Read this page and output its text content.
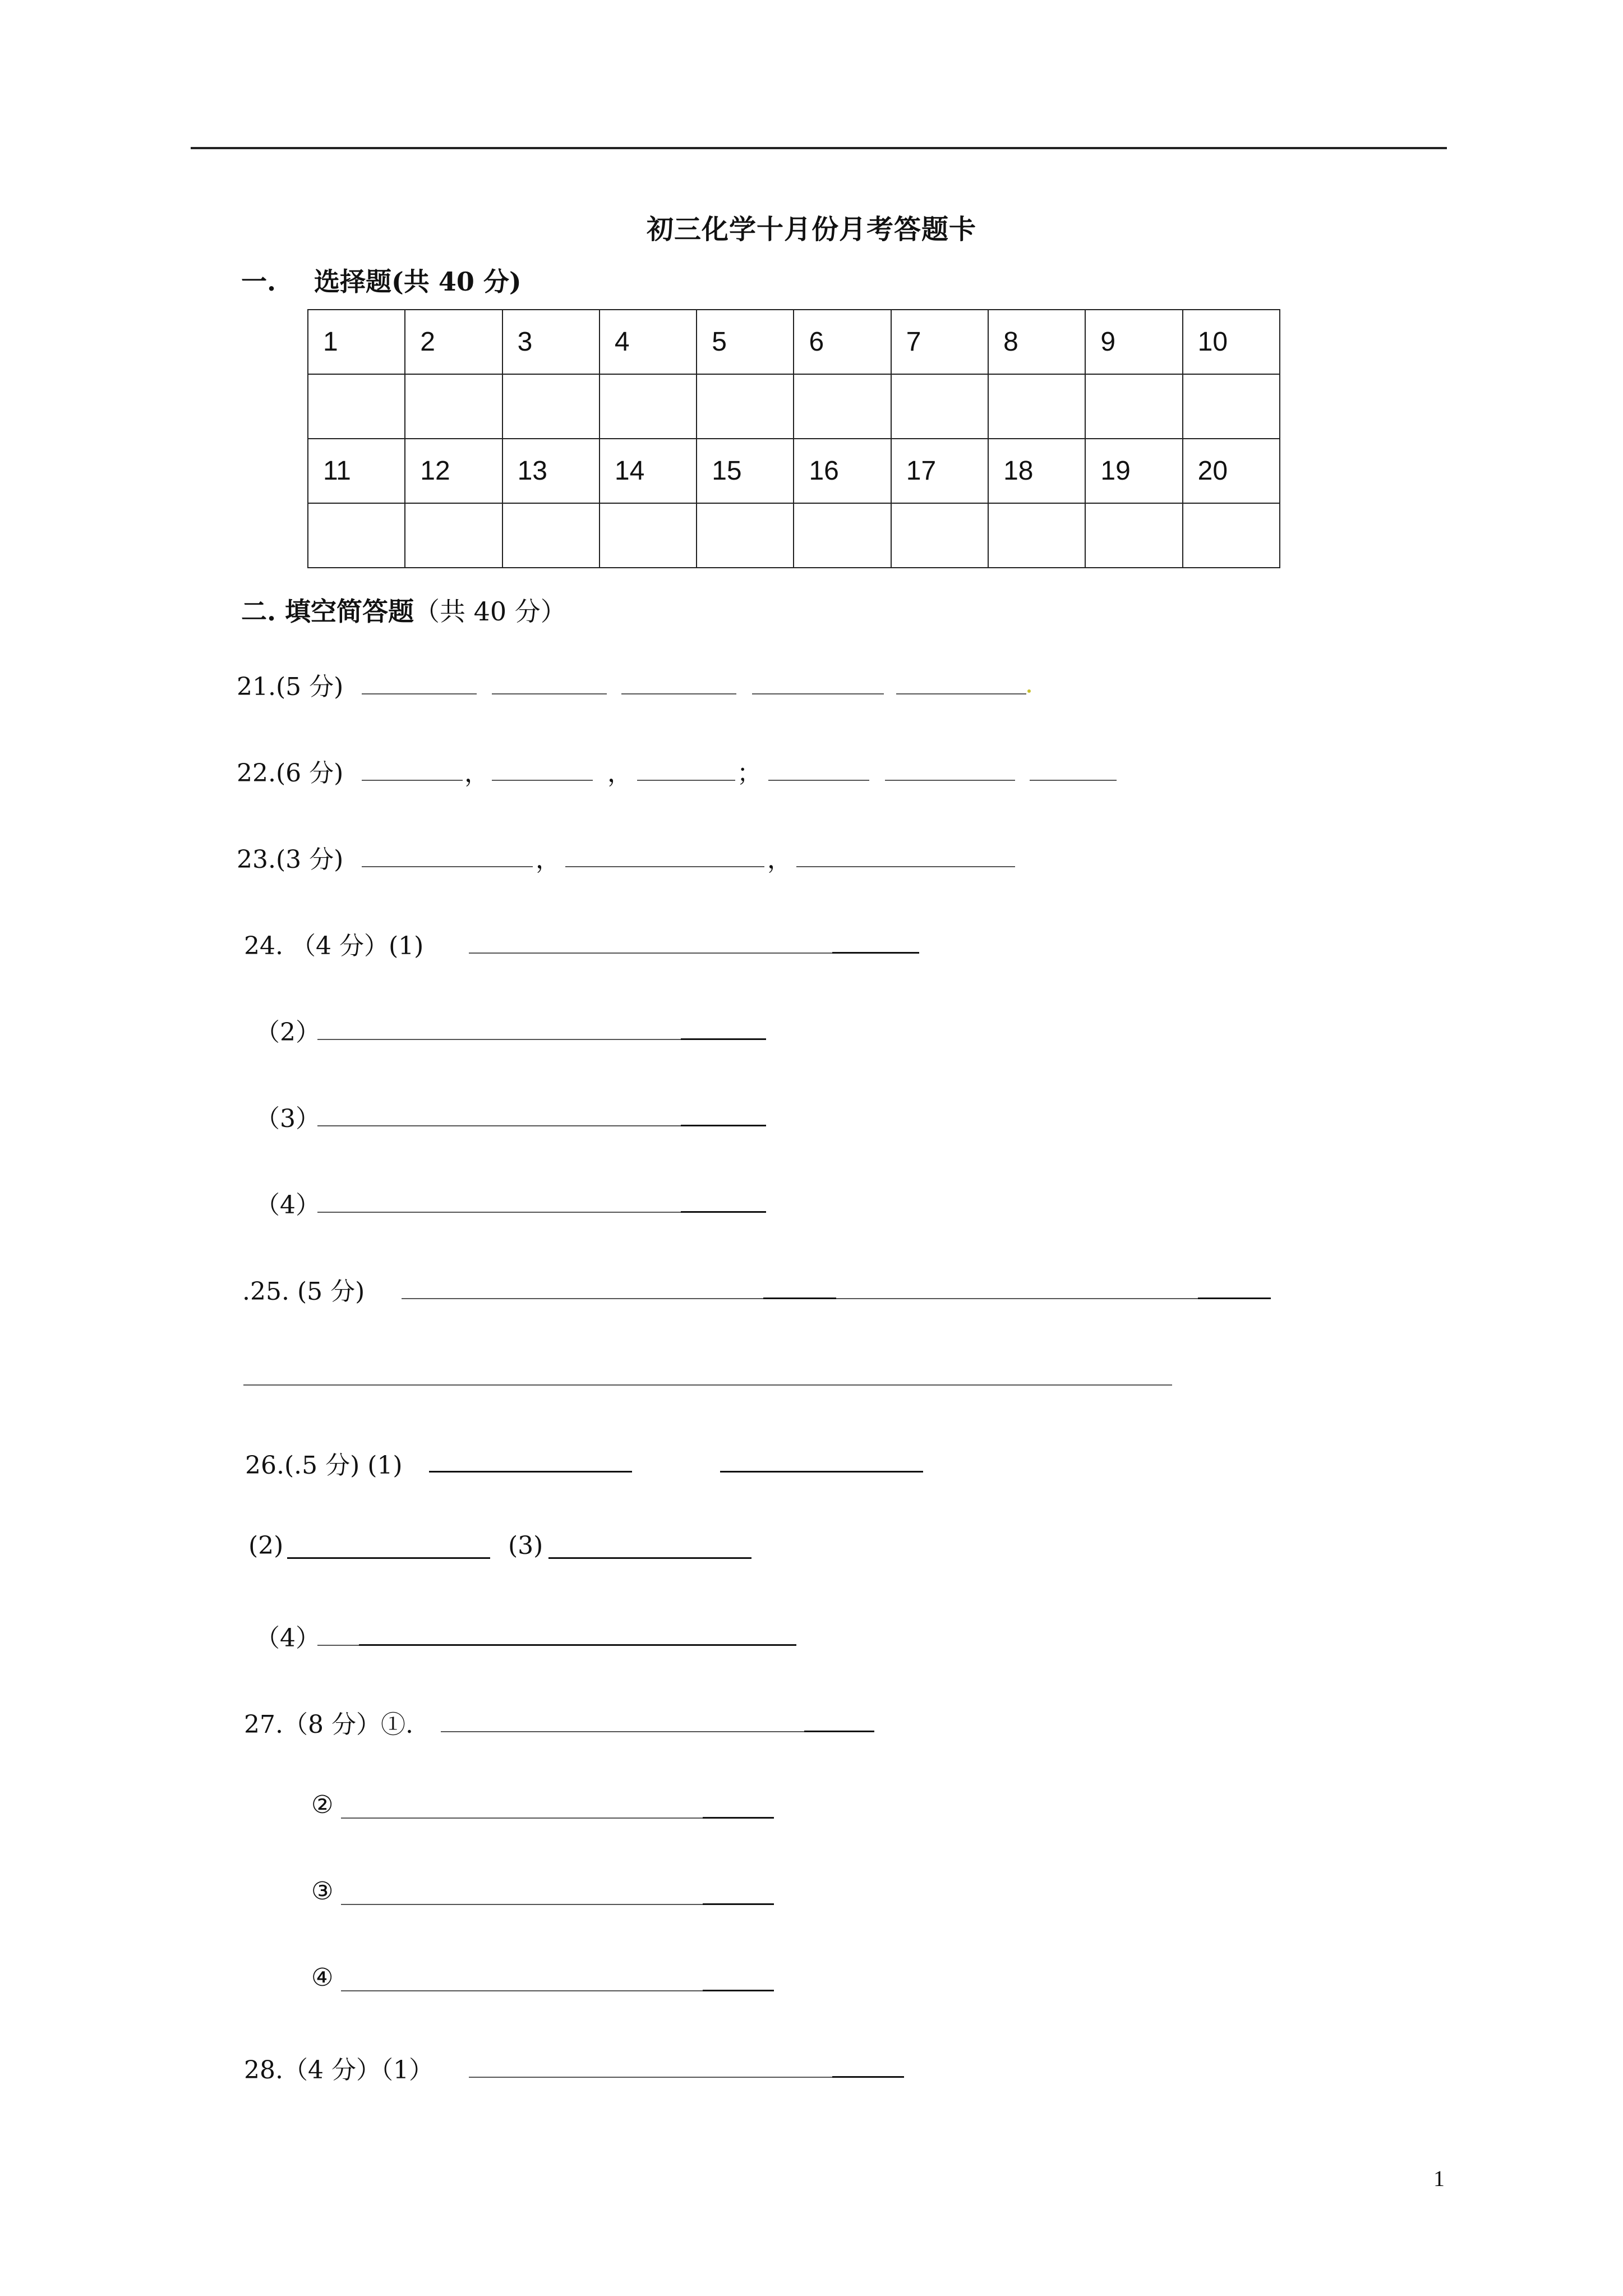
初三化学十月份月考答题卡
一. 选择题(共 40 分)
1	2	3	4	5	6	7	8	9	10

11	12	13	14	15	16	17	18	19	20

二. 填空简答题（共 40 分）
21.(5 分)
22.(6 分)	，	，	；
23.(3 分)	，	，
24. （4 分）(1)
（2）
（3）
（4）
.25. (5 分)
26.(.5 分) (1)
(2)	(3)
（4）
27.（8 分）①.
②
③
④
28.（4 分）（1）
1
